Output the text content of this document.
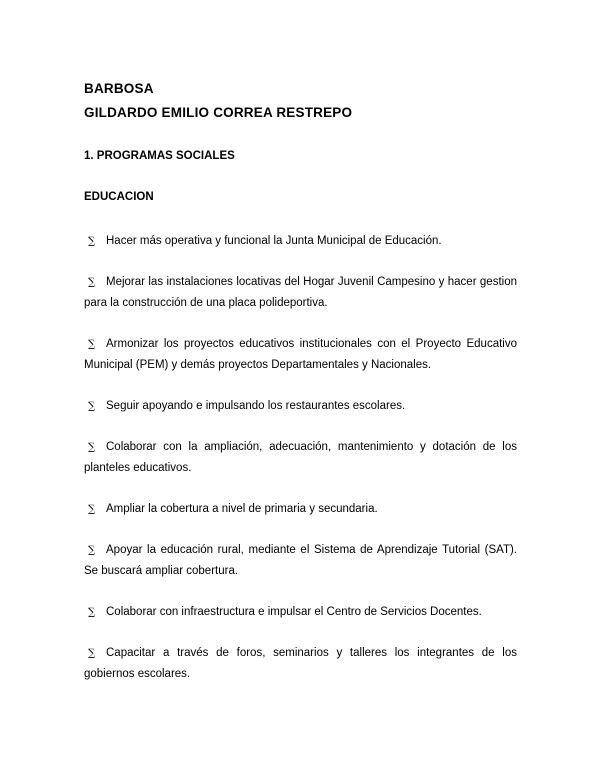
BARBOSA
GILDARDO EMILIO CORREA RESTREPO
1. PROGRAMAS SOCIALES
EDUCACION
∑ Hacer más operativa y funcional la Junta Municipal de Educación.
∑ Mejorar las instalaciones locativas del Hogar Juvenil Campesino y hacer gestion para la construcción de una placa polideportiva.
∑ Armonizar los proyectos educativos institucionales con el Proyecto Educativo Municipal (PEM) y demás proyectos Departamentales y Nacionales.
∑ Seguir apoyando e impulsando los restaurantes escolares.
∑ Colaborar con la ampliación, adecuación, mantenimiento y dotación de los planteles educativos.
∑ Ampliar la cobertura a nivel de primaria y secundaria.
∑ Apoyar la educación rural, mediante el Sistema de Aprendizaje Tutorial (SAT). Se buscará ampliar cobertura.
∑ Colaborar con infraestructura e impulsar el Centro de Servicios Docentes.
∑ Capacitar a través de foros, seminarios y talleres los integrantes de los gobiernos escolares.
